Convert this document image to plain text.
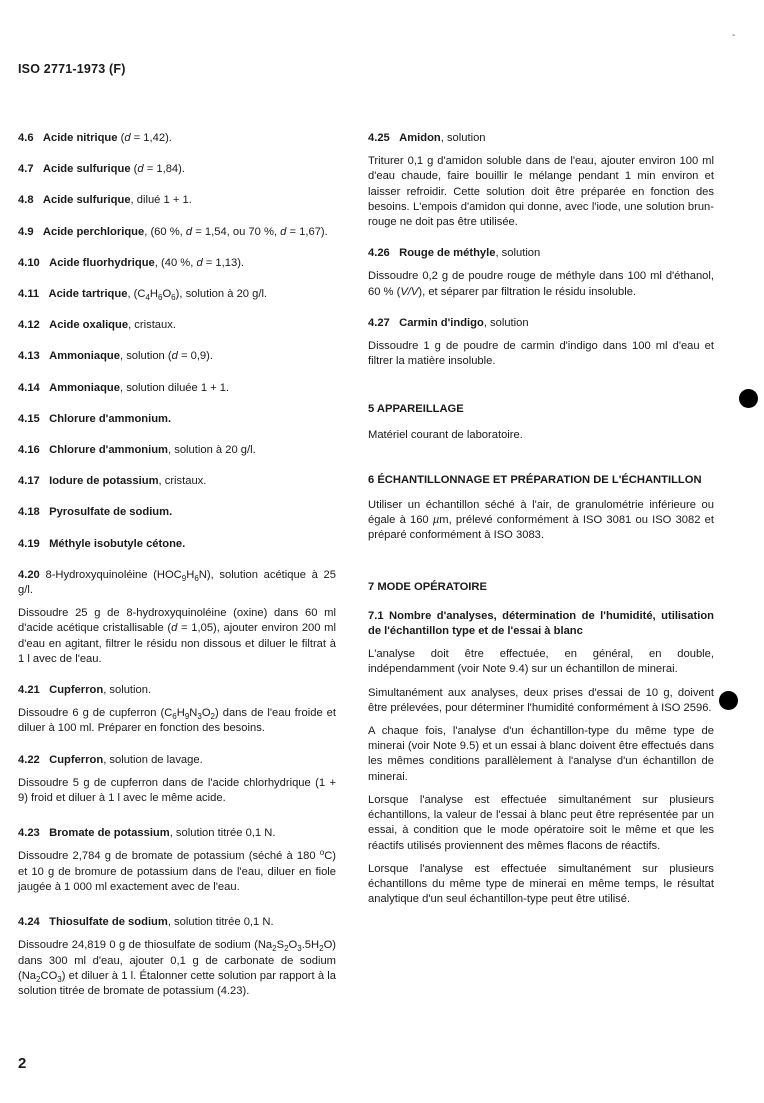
ISO 2771-1973 (F)
-
4.6 Acide nitrique (d = 1,42).
4.7 Acide sulfurique (d = 1,84).
4.8 Acide sulfurique, dilué 1 + 1.
4.9 Acide perchlorique, (60 %, d = 1,54, ou 70 %, d = 1,67).
4.10 Acide fluorhydrique, (40 %, d = 1,13).
4.11 Acide tartrique, $(C_4H_6O_6)$, solution à 20 g/l.
4.12 Acide oxalique, cristaux.
4.13 Ammoniaque, solution (d = 0,9).
4.14 Ammoniaque, solution diluée 1 + 1.
4.15 Chlorure d'ammonium.
4.16 Chlorure d'ammonium, solution à 20 g/l.
4.17 Iodure de potassium, cristaux.
4.18 Pyrosulfate de sodium.
4.19 Méthyle isobutyle cétone.
4.20 8-Hydroxyquinoléine $(HOC_9H_6N)$, solution acétique à 25 g/l.
Dissoudre 25 g de 8-hydroxyquinoléine (oxine) dans 60 ml d'acide acétique cristallisable (d = 1,05), ajouter environ 200 ml d'eau en agitant, filtrer le résidu non dissous et diluer le filtrat à 1 l avec de l'eau.
4.21 Cupferron, solution.
Dissoudre 6 g de cupferron $(C_6H_9N_3O_2)$ dans de l'eau froide et diluer à 100 ml. Préparer en fonction des besoins.
4.22 Cupferron, solution de lavage.
Dissoudre 5 g de cupferron dans de l'acide chlorhydrique (1 + 9) froid et diluer à 1 l avec le même acide.
4.23 Bromate de potassium, solution titrée 0,1 N.
Dissoudre 2,784 g de bromate de potassium (séché à 180 $^o$C) et 10 g de bromure de potassium dans de l'eau, diluer en fiole jaugée à 1 000 ml exactement avec de l'eau.
4.24 Thiosulfate de sodium, solution titrée 0,1 N.
Dissoudre 24,819 0 g de thiosulfate de sodium $(Na_2S_2O_3.5H_2O)$ dans 300 ml d'eau, ajouter 0,1 g de carbonate de sodium $(Na_2CO_3)$ et diluer à 1 l. Étalonner cette solution par rapport à la solution titrée de bromate de potassium (4.23).
4.25 Amidon, solution
Triturer 0,1 g d'amidon soluble dans de l'eau, ajouter environ 100 ml d'eau chaude, faire bouillir le mélange pendant 1 min environ et laisser refroidir. Cette solution doit être préparée en fonction des besoins. L'empois d'amidon qui donne, avec l'iode, une solution brun-rouge ne doit pas être utilisée.
4.26 Rouge de méthyle, solution
Dissoudre 0,2 g de poudre rouge de méthyle dans 100 ml d'éthanol, 60 % (V/V), et séparer par filtration le résidu insoluble.
4.27 Carmin d'indigo, solution
Dissoudre 1 g de poudre de carmin d'indigo dans 100 ml d'eau et filtrer la matière insoluble.
5 APPAREILLAGE
Matériel courant de laboratoire.
6 ÉCHANTILLONNAGE ET PRÉPARATION DE L'ÉCHANTILLON
Utiliser un échantillon séché à l'air, de granulométrie inférieure ou égale à 160 µm, prélevé conformément à ISO 3081 ou ISO 3082 et préparé conformément à ISO 3083.
7 MODE OPÉRATOIRE
7.1 Nombre d'analyses, détermination de l'humidité, utilisation de l'échantillon type et de l'essai à blanc
L'analyse doit être effectuée, en général, en double, indépendamment (voir Note 9.4) sur un échantillon de minerai.
Simultanément aux analyses, deux prises d'essai de 10 g, doivent être prélevées, pour déterminer l'humidité conformément à ISO 2596.
A chaque fois, l'analyse d'un échantillon-type du même type de minerai (voir Note 9.5) et un essai à blanc doivent être effectués dans les mêmes conditions parallèlement à l'analyse d'un échantillon de minerai.
Lorsque l'analyse est effectuée simultanément sur plusieurs échantillons, la valeur de l'essai à blanc peut être représentée par un essai, à condition que le mode opératoire soit le même et que les réactifs utilisés proviennent des mêmes flacons de réactifs.
Lorsque l'analyse est effectuée simultanément sur plusieurs échantillons du même type de minerai en même temps, le résultat analytique d'un seul échantillon-type peut être utilisé.
2
